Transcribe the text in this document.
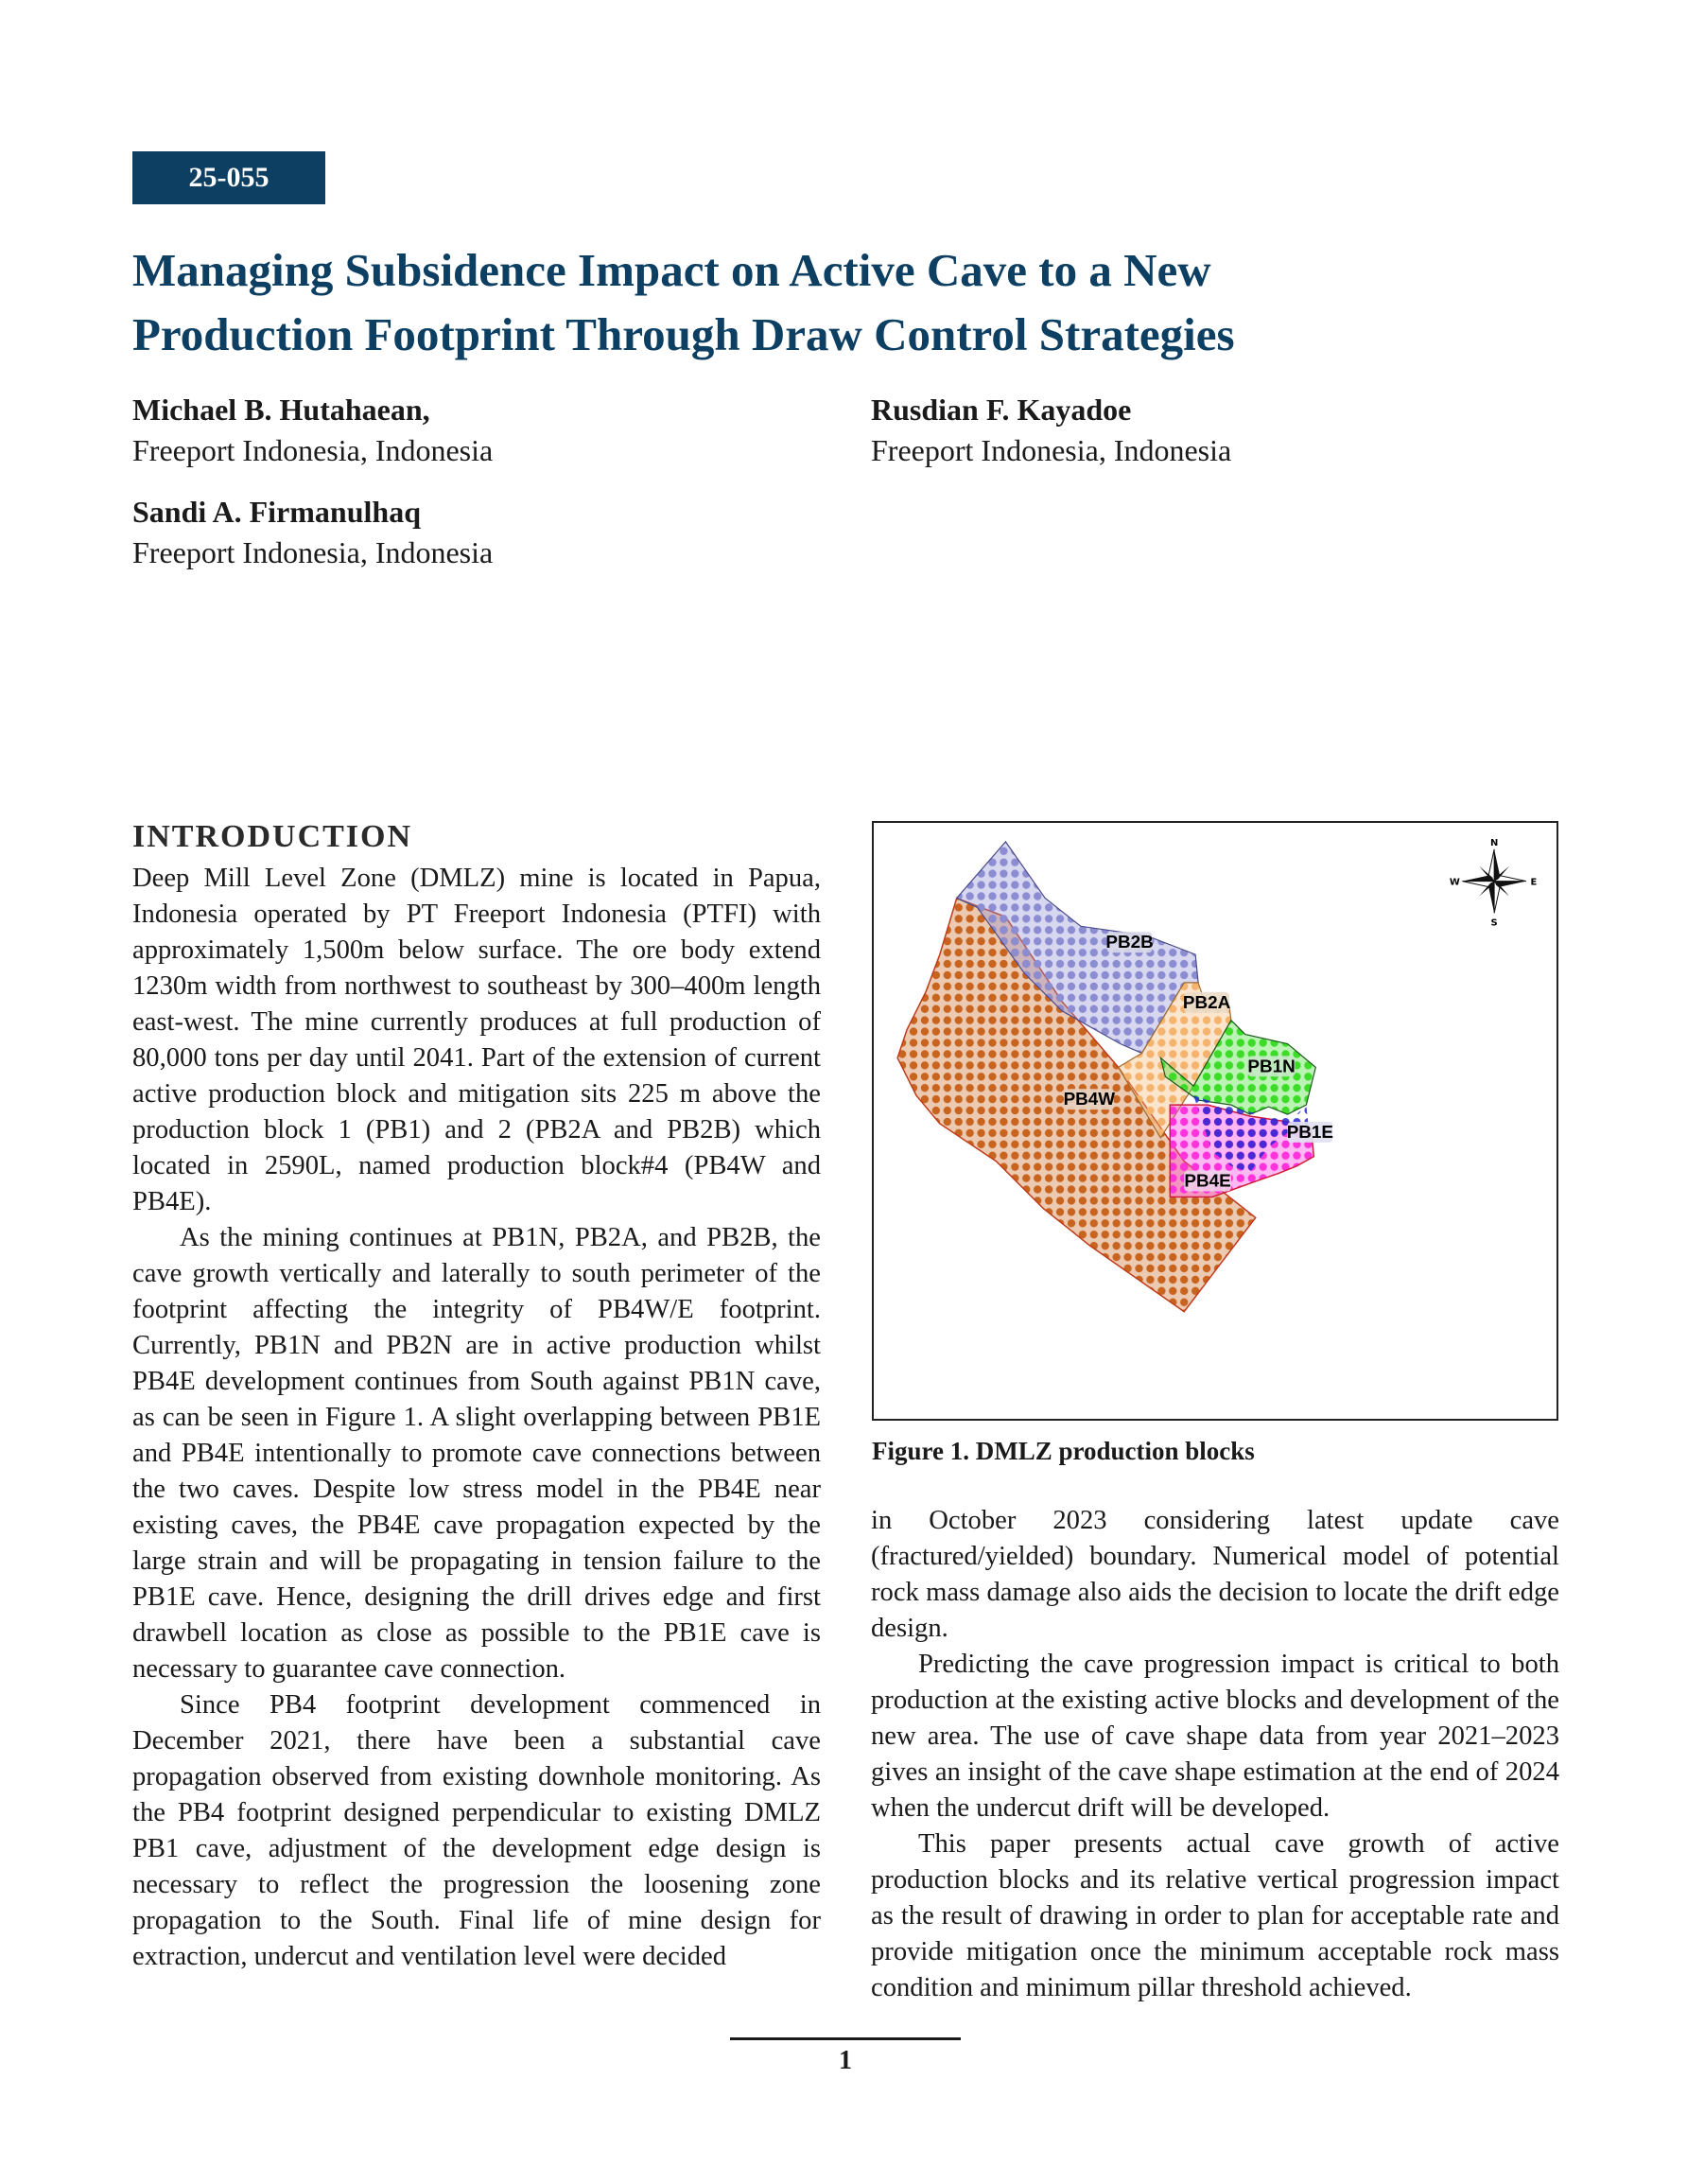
25-055
Managing Subsidence Impact on Active Cave to a New
Production Footprint Through Draw Control Strategies
Michael B. Hutahaean,
Freeport Indonesia, Indonesia
Rusdian F. Kayadoe
Freeport Indonesia, Indonesia
Sandi A. Firmanulhaq
Freeport Indonesia, Indonesia
INTRODUCTION

Deep Mill Level Zone (DMLZ) mine is located in Papua, Indonesia operated by PT Freeport Indonesia (PTFI) with approximately 1,500m below surface. The ore body extend 1230m width from northwest to southeast by 300–400m length east-west. The mine currently produces at full production of 80,000 tons per day until 2041. Part of the extension of current active production block and mitigation sits 225 m above the production block 1 (PB1) and 2 (PB2A and PB2B) which located in 2590L, named production block#4 (PB4W and PB4E).

As the mining continues at PB1N, PB2A, and PB2B, the cave growth vertically and laterally to south perimeter of the footprint affecting the integrity of PB4W/E footprint. Currently, PB1N and PB2N are in active production whilst PB4E development continues from South against PB1N cave, as can be seen in Figure 1. A slight overlapping between PB1E and PB4E intentionally to promote cave connections between the two caves. Despite low stress model in the PB4E near existing caves, the PB4E cave propagation expected by the large strain and will be propagating in tension failure to the PB1E cave. Hence, designing the drill drives edge and first drawbell location as close as possible to the PB1E cave is necessary to guarantee cave connection.

Since PB4 footprint development commenced in December 2021, there have been a substantial cave propagation observed from existing downhole monitoring. As the PB4 footprint designed perpendicular to existing DMLZ PB1 cave, adjustment of the development edge design is necessary to reflect the progression the loosening zone propagation to the South. Final life of mine design for extraction, undercut and ventilation level were decided

PB2B
PB2A
PB1N
PB4W
PB1E
PB4E
N
S
E
W
Figure 1. DMLZ production blocks

in October 2023 considering latest update cave (fractured/yielded) boundary. Numerical model of potential rock mass damage also aids the decision to locate the drift edge design.

Predicting the cave progression impact is critical to both production at the existing active blocks and development of the new area. The use of cave shape data from year 2021–2023 gives an insight of the cave shape estimation at the end of 2024 when the undercut drift will be developed.

This paper presents actual cave growth of active production blocks and its relative vertical progression impact as the result of drawing in order to plan for acceptable rate and provide mitigation once the minimum acceptable rock mass condition and minimum pillar threshold achieved.

1
